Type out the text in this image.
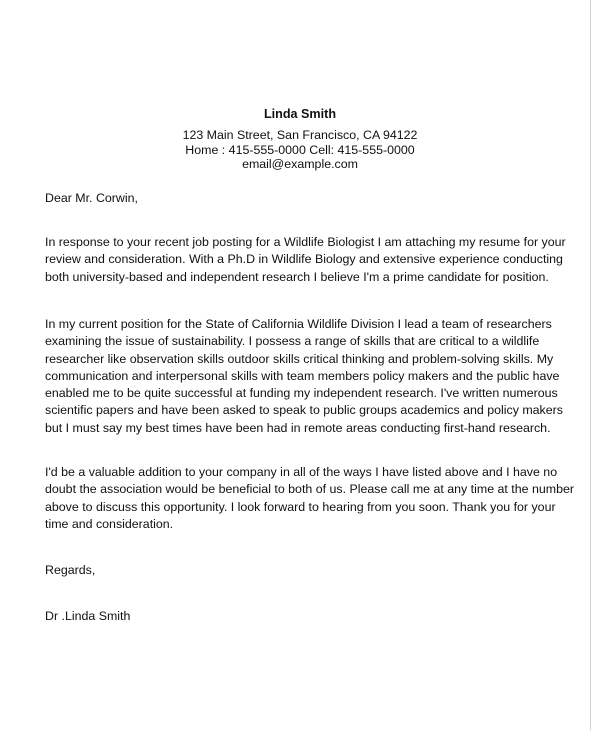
Linda Smith
123 Main Street, San Francisco, CA 94122
Home : 415-555-0000 Cell: 415-555-0000
email@example.com
Dear Mr. Corwin,
In response to your recent job posting for a Wildlife Biologist I am attaching my resume for your
review and consideration. With a Ph.D in Wildlife Biology and extensive experience conducting
both university-based and independent research I believe I'm a prime candidate for position.
In my current position for the State of California Wildlife Division I lead a team of researchers
examining the issue of sustainability. I possess a range of skills that are critical to a wildlife
researcher like observation skills outdoor skills critical thinking and problem-solving skills. My
communication and interpersonal skills with team members policy makers and the public have
enabled me to be quite successful at funding my independent research. I've written numerous
scientific papers and have been asked to speak to public groups academics and policy makers
but I must say my best times have been had in remote areas conducting first-hand research.
I'd be a valuable addition to your company in all of the ways I have listed above and I have no
doubt the association would be beneficial to both of us. Please call me at any time at the number
above to discuss this opportunity. I look forward to hearing from you soon. Thank you for your
time and consideration.
Regards,
Dr .Linda Smith
